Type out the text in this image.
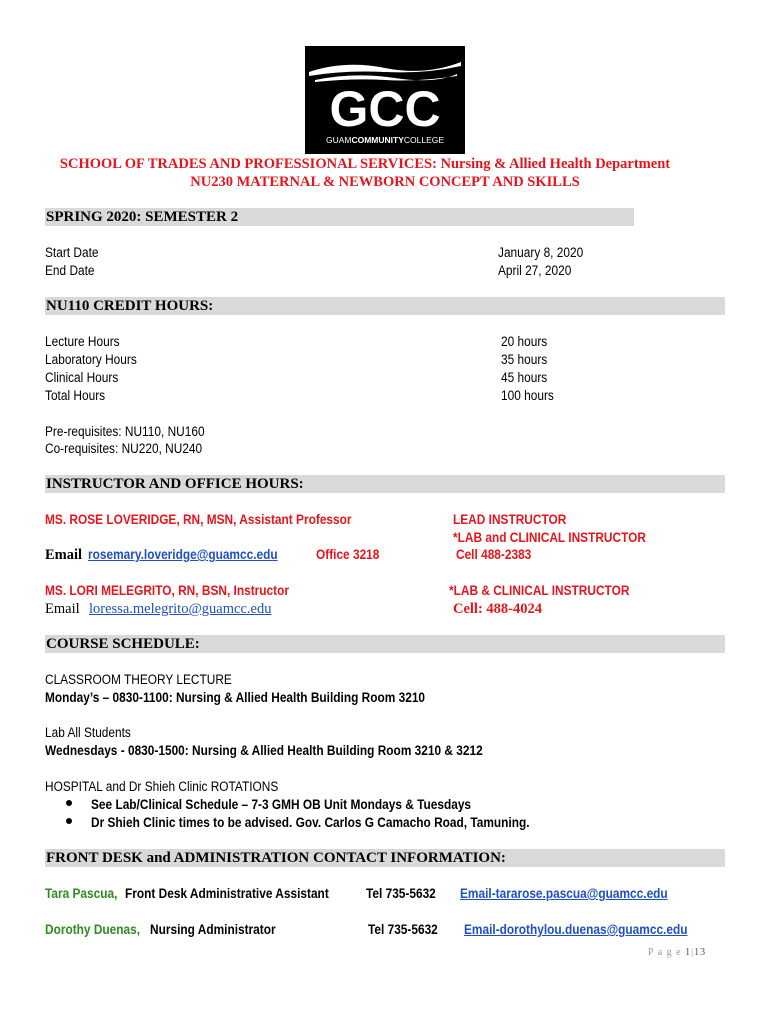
GCC
GUAMCOMMUNITYCOLLEGE
SCHOOL OF TRADES AND PROFESSIONAL SERVICES: Nursing & Allied Health Department
NU230 MATERNAL & NEWBORN CONCEPT AND SKILLS
SPRING 2020: SEMESTER 2
Start Date	January 8, 2020
End Date	April 27, 2020
NU110 CREDIT HOURS:
Lecture Hours	20 hours
Laboratory Hours	35 hours
Clinical Hours	45 hours
Total Hours	100 hours
Pre-requisites: NU110, NU160
Co-requisites: NU220, NU240
INSTRUCTOR AND OFFICE HOURS:
MS. ROSE LOVERIDGE, RN, MSN, Assistant Professor	LEAD INSTRUCTOR
*LAB and CLINICAL INSTRUCTOR
Email rosemary.loveridge@guamcc.edu	Office 3218	Cell 488-2383
MS. LORI MELEGRITO, RN, BSN, Instructor	*LAB & CLINICAL INSTRUCTOR
Email loressa.melegrito@guamcc.edu	Cell: 488-4024
COURSE SCHEDULE:
CLASSROOM THEORY LECTURE
Monday’s – 0830-1100: Nursing & Allied Health Building Room 3210
Lab All Students
Wednesdays - 0830-1500: Nursing & Allied Health Building Room 3210 & 3212
HOSPITAL and Dr Shieh Clinic ROTATIONS
See Lab/Clinical Schedule – 7-3 GMH OB Unit Mondays & Tuesdays
Dr Shieh Clinic times to be advised. Gov. Carlos G Camacho Road, Tamuning.
FRONT DESK and ADMINISTRATION CONTACT INFORMATION:
Tara Pascua, Front Desk Administrative Assistant	Tel 735-5632 Email-tararose.pascua@guamcc.edu
Dorothy Duenas, Nursing Administrator	Tel 735-5632 Email-dorothylou.duenas@guamcc.edu
P a g e 1|13
